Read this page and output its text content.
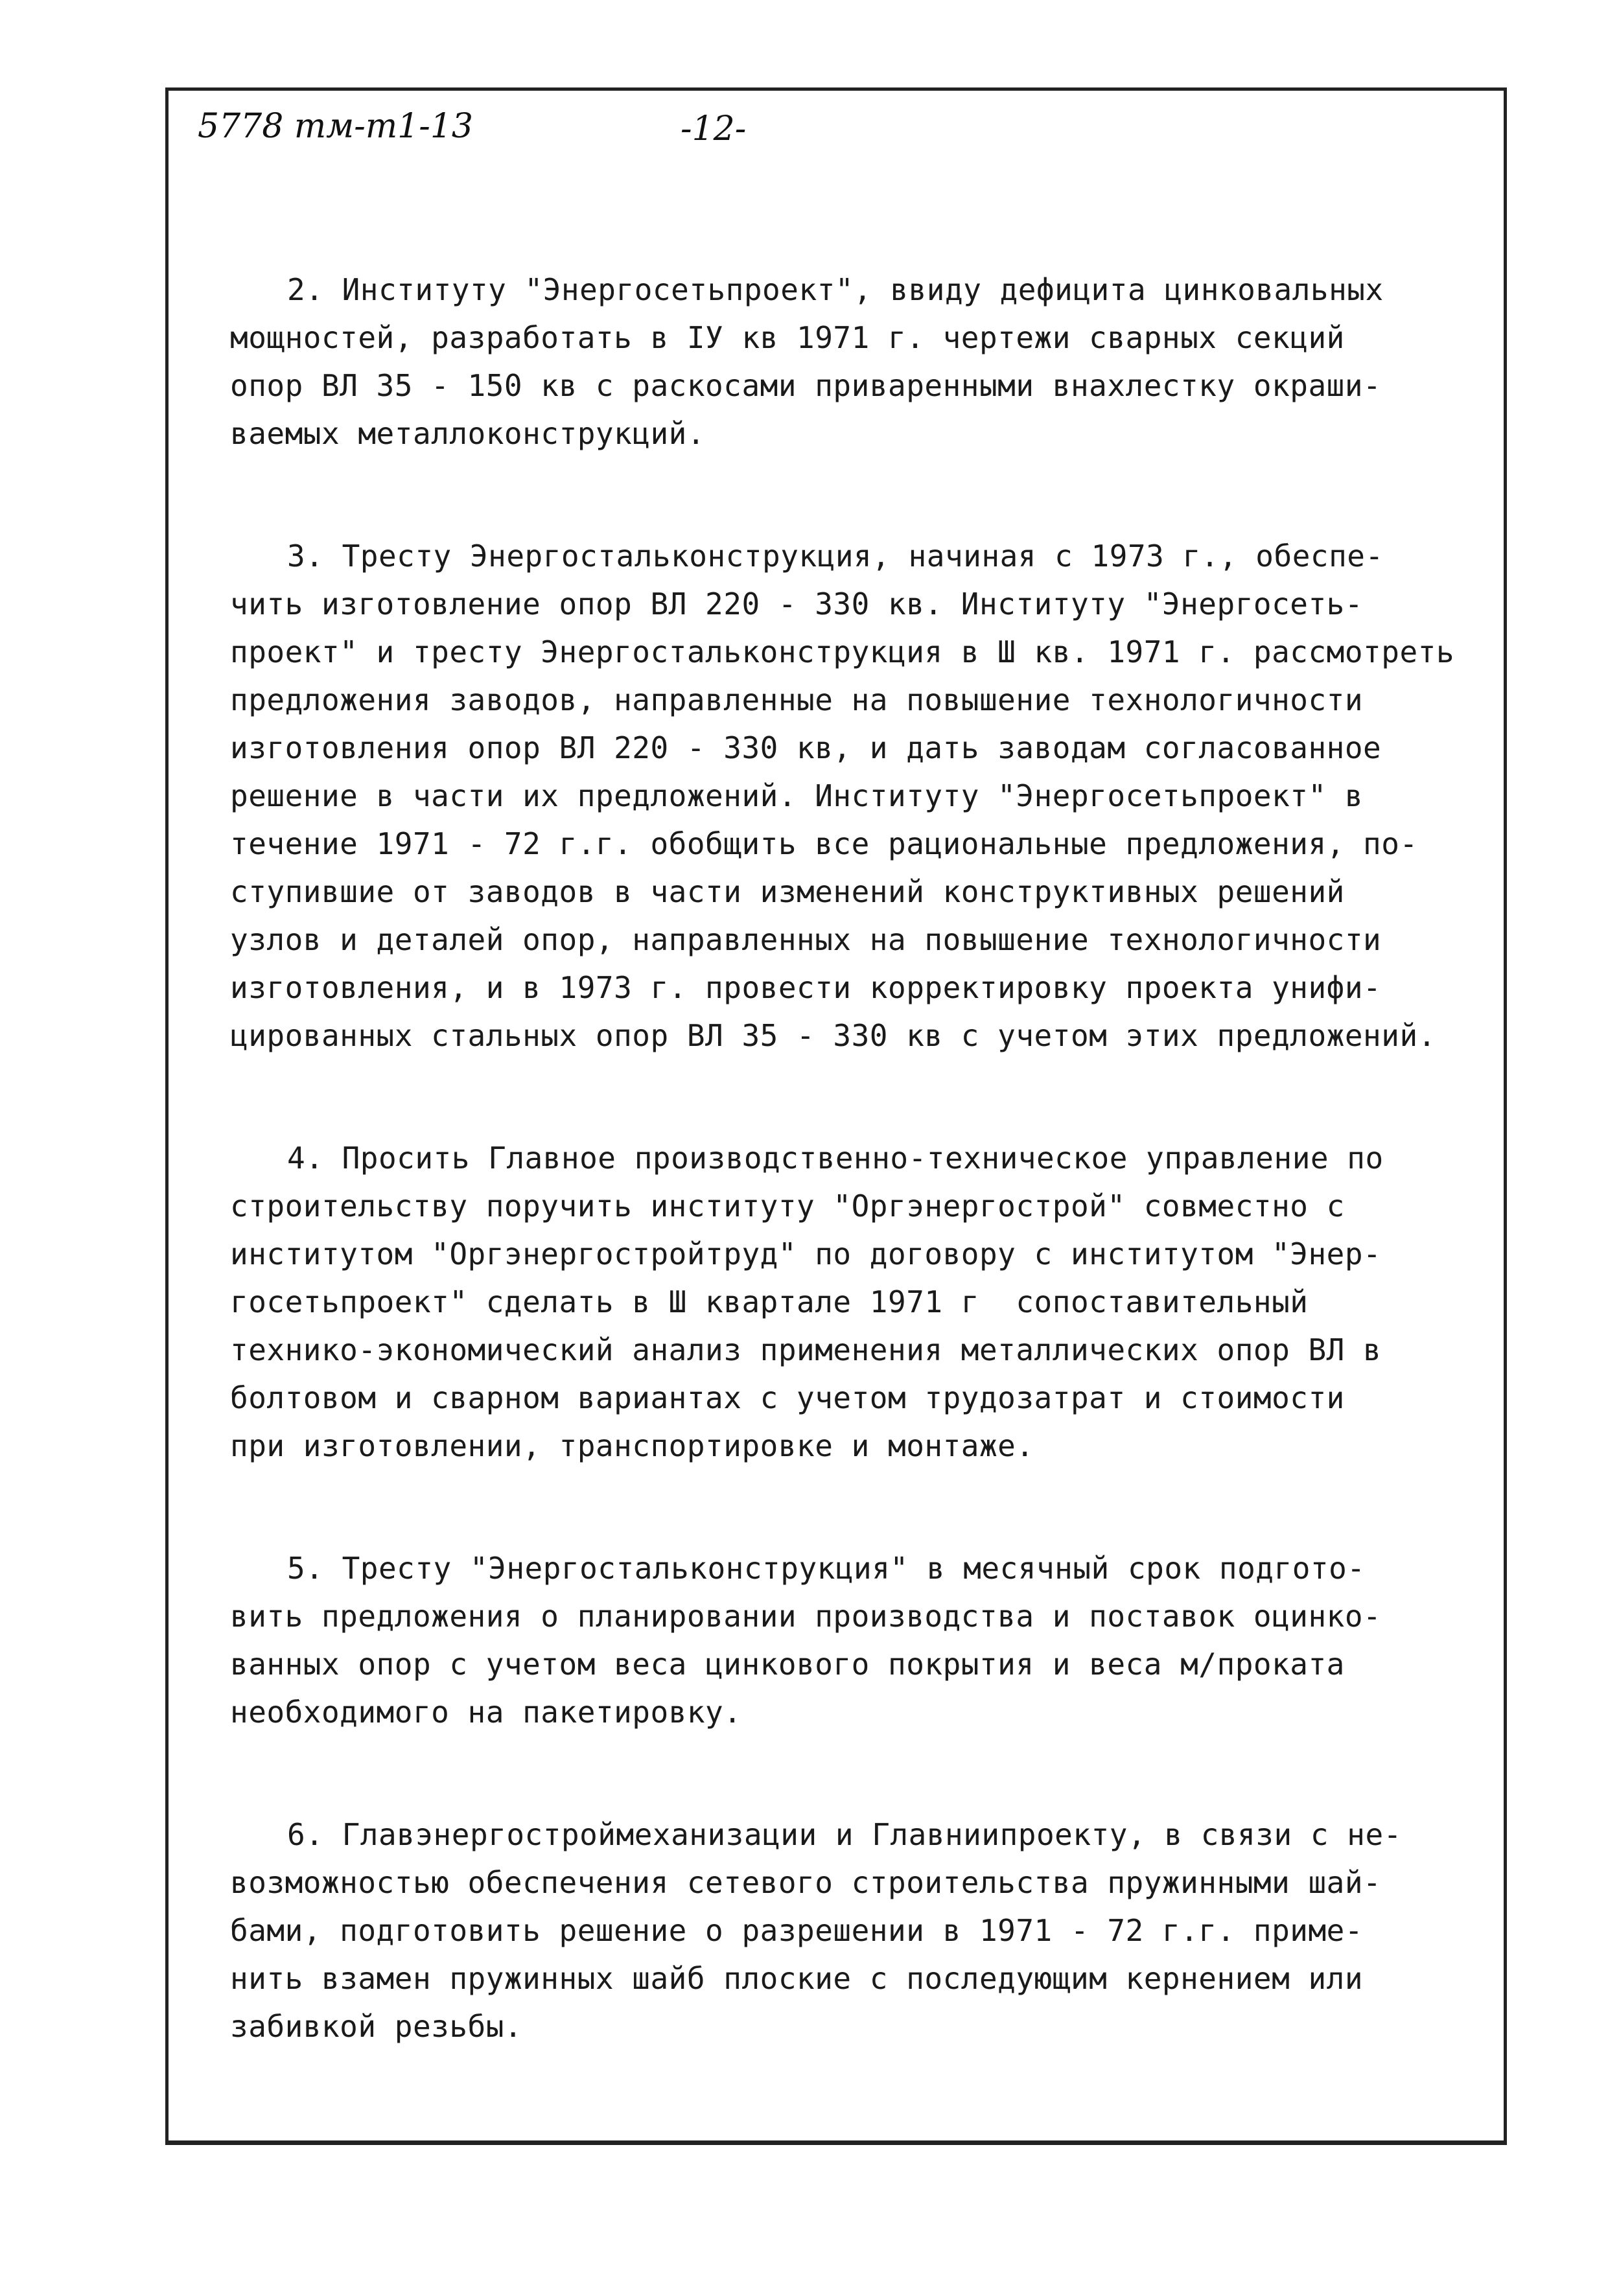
5778 тм-т1-13	-12-
2. Институту "Энергосетьпроект", ввиду дефицита цинковальных
мощностей, разработать в IУ кв 1971 г. чертежи сварных секций
опор ВЛ 35 - 150 кв с раскосами приваренными внахлестку окраши-
ваемых металлоконструкций.
3. Тресту Энергостальконструкция, начиная с 1973 г., обеспе-
чить изготовление опор ВЛ 220 - 330 кв. Институту "Энергосеть-
проект" и тресту Энергостальконструкция в Ш кв. 1971 г. рассмотреть
предложения заводов, направленные на повышение технологичности
изготовления опор ВЛ 220 - 330 кв, и дать заводам согласованное
решение в части их предложений. Институту "Энергосетьпроект" в
течение 1971 - 72 г.г. обобщить все рациональные предложения, по-
ступившие от заводов в части изменений конструктивных решений
узлов и деталей опор, направленных на повышение технологичности
изготовления, и в 1973 г. провести корректировку проекта унифи-
цированных стальных опор ВЛ 35 - 330 кв с учетом этих предложений.
4. Просить Главное производственно-техническое управление по
строительству поручить институту "Оргэнергострой" совместно с
институтом "Оргэнергостройтруд" по договору с институтом "Энер-
госетьпроект" сделать в Ш квартале 1971 г  сопоставительный
технико-экономический анализ применения металлических опор ВЛ в
болтовом и сварном вариантах с учетом трудозатрат и стоимости
при изготовлении, транспортировке и монтаже.
5. Тресту "Энергостальконструкция" в месячный срок подгото-
вить предложения о планировании производства и поставок оцинко-
ванных опор с учетом веса цинкового покрытия и веса м/проката
необходимого на пакетировку.
6. Главэнергостроймеханизации и Главниипроекту, в связи с не-
возможностью обеспечения сетевого строительства пружинными шай-
бами, подготовить решение о разрешении в 1971 - 72 г.г. приме-
нить взамен пружинных шайб плоские с последующим кернением или
забивкой резьбы.
